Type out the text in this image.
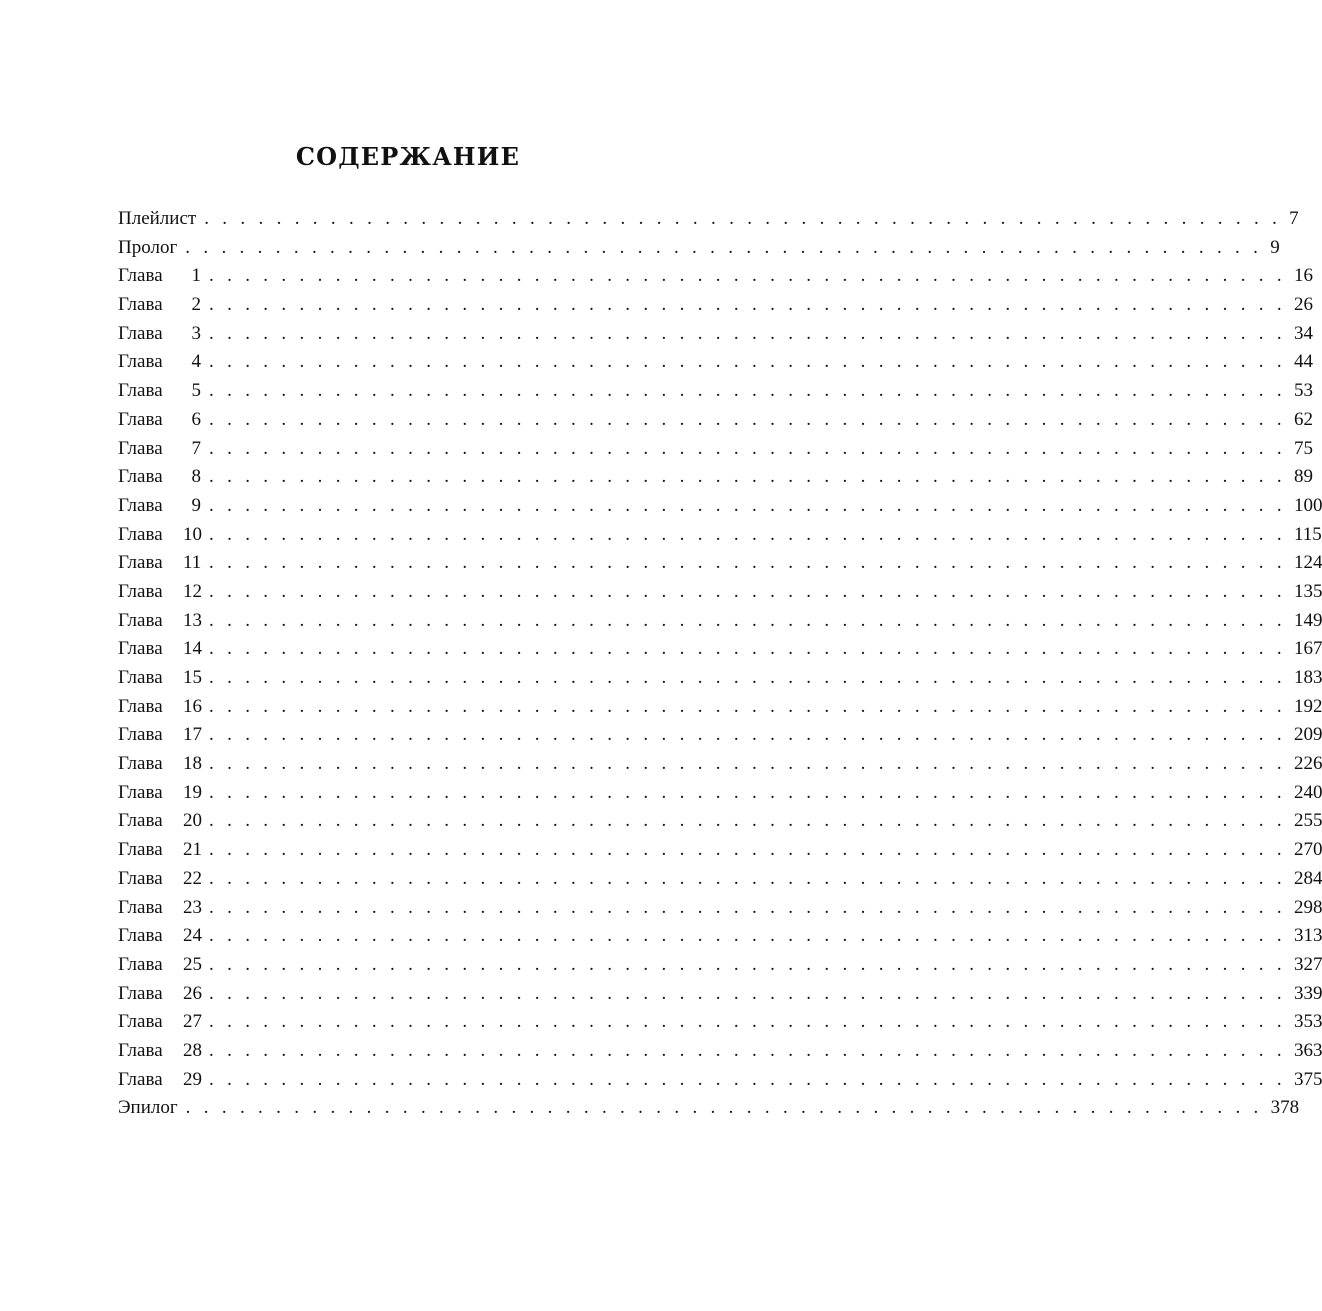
СОДЕРЖАНИЕ
Плейлист . . . . . . . . . . . . . . . . . . . . . . . . . . . . . . . . . . . . . . . . . . . . . . . . . . . . . . . . . . . . 7
Пролог . . . . . . . . . . . . . . . . . . . . . . . . . . . . . . . . . . . . . . . . . . . . . . . . . . . . . . . . . . . . 9
Глава 1 . . . . . . . . . . . . . . . . . . . . . . . . . . . . . . . . . . . . . . . . . . . . . . . . . . . . . . . . . . . . 16
Глава 2 . . . . . . . . . . . . . . . . . . . . . . . . . . . . . . . . . . . . . . . . . . . . . . . . . . . . . . . . . . . . 26
Глава 3 . . . . . . . . . . . . . . . . . . . . . . . . . . . . . . . . . . . . . . . . . . . . . . . . . . . . . . . . . . . . 34
Глава 4 . . . . . . . . . . . . . . . . . . . . . . . . . . . . . . . . . . . . . . . . . . . . . . . . . . . . . . . . . . . . 44
Глава 5 . . . . . . . . . . . . . . . . . . . . . . . . . . . . . . . . . . . . . . . . . . . . . . . . . . . . . . . . . . . . 53
Глава 6 . . . . . . . . . . . . . . . . . . . . . . . . . . . . . . . . . . . . . . . . . . . . . . . . . . . . . . . . . . . . 62
Глава 7 . . . . . . . . . . . . . . . . . . . . . . . . . . . . . . . . . . . . . . . . . . . . . . . . . . . . . . . . . . . . 75
Глава 8 . . . . . . . . . . . . . . . . . . . . . . . . . . . . . . . . . . . . . . . . . . . . . . . . . . . . . . . . . . . . 89
Глава 9 . . . . . . . . . . . . . . . . . . . . . . . . . . . . . . . . . . . . . . . . . . . . . . . . . . . . . . . . . . . . 100
Глава 10 . . . . . . . . . . . . . . . . . . . . . . . . . . . . . . . . . . . . . . . . . . . . . . . . . . . . . . . . . . . . 115
Глава 11 . . . . . . . . . . . . . . . . . . . . . . . . . . . . . . . . . . . . . . . . . . . . . . . . . . . . . . . . . . . . 124
Глава 12 . . . . . . . . . . . . . . . . . . . . . . . . . . . . . . . . . . . . . . . . . . . . . . . . . . . . . . . . . . . . 135
Глава 13 . . . . . . . . . . . . . . . . . . . . . . . . . . . . . . . . . . . . . . . . . . . . . . . . . . . . . . . . . . . . 149
Глава 14 . . . . . . . . . . . . . . . . . . . . . . . . . . . . . . . . . . . . . . . . . . . . . . . . . . . . . . . . . . . . 167
Глава 15 . . . . . . . . . . . . . . . . . . . . . . . . . . . . . . . . . . . . . . . . . . . . . . . . . . . . . . . . . . . . 183
Глава 16 . . . . . . . . . . . . . . . . . . . . . . . . . . . . . . . . . . . . . . . . . . . . . . . . . . . . . . . . . . . . 192
Глава 17 . . . . . . . . . . . . . . . . . . . . . . . . . . . . . . . . . . . . . . . . . . . . . . . . . . . . . . . . . . . . 209
Глава 18 . . . . . . . . . . . . . . . . . . . . . . . . . . . . . . . . . . . . . . . . . . . . . . . . . . . . . . . . . . . . 226
Глава 19 . . . . . . . . . . . . . . . . . . . . . . . . . . . . . . . . . . . . . . . . . . . . . . . . . . . . . . . . . . . . 240
Глава 20 . . . . . . . . . . . . . . . . . . . . . . . . . . . . . . . . . . . . . . . . . . . . . . . . . . . . . . . . . . . . 255
Глава 21 . . . . . . . . . . . . . . . . . . . . . . . . . . . . . . . . . . . . . . . . . . . . . . . . . . . . . . . . . . . . 270
Глава 22 . . . . . . . . . . . . . . . . . . . . . . . . . . . . . . . . . . . . . . . . . . . . . . . . . . . . . . . . . . . . 284
Глава 23 . . . . . . . . . . . . . . . . . . . . . . . . . . . . . . . . . . . . . . . . . . . . . . . . . . . . . . . . . . . . 298
Глава 24 . . . . . . . . . . . . . . . . . . . . . . . . . . . . . . . . . . . . . . . . . . . . . . . . . . . . . . . . . . . . 313
Глава 25 . . . . . . . . . . . . . . . . . . . . . . . . . . . . . . . . . . . . . . . . . . . . . . . . . . . . . . . . . . . . 327
Глава 26 . . . . . . . . . . . . . . . . . . . . . . . . . . . . . . . . . . . . . . . . . . . . . . . . . . . . . . . . . . . . 339
Глава 27 . . . . . . . . . . . . . . . . . . . . . . . . . . . . . . . . . . . . . . . . . . . . . . . . . . . . . . . . . . . . 353
Глава 28 . . . . . . . . . . . . . . . . . . . . . . . . . . . . . . . . . . . . . . . . . . . . . . . . . . . . . . . . . . . . 363
Глава 29 . . . . . . . . . . . . . . . . . . . . . . . . . . . . . . . . . . . . . . . . . . . . . . . . . . . . . . . . . . . . 375
Эпилог . . . . . . . . . . . . . . . . . . . . . . . . . . . . . . . . . . . . . . . . . . . . . . . . . . . . . . . . . . . . 378
